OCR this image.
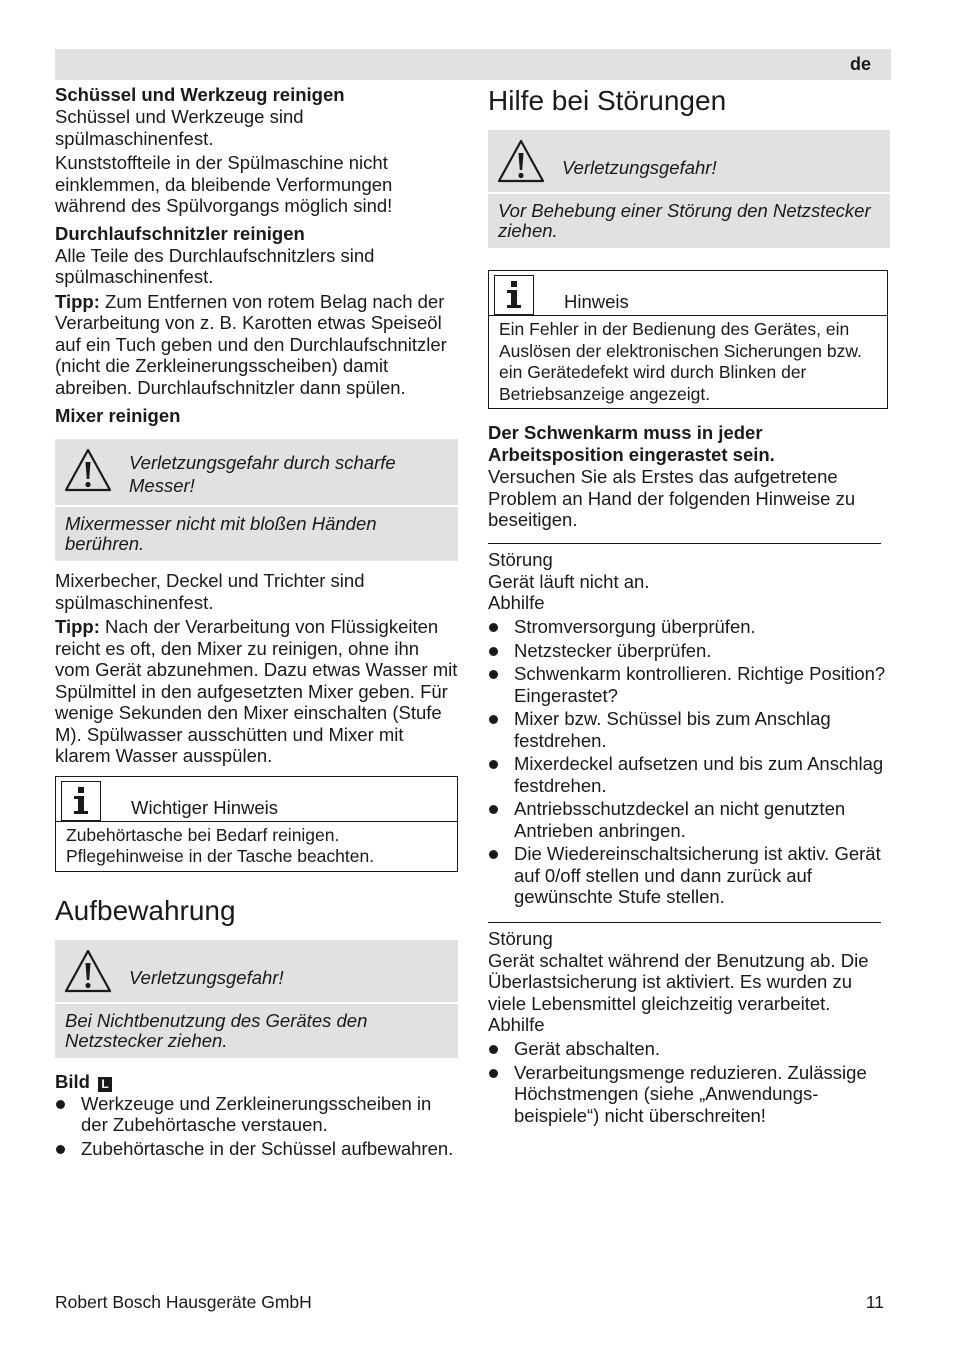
de

Schüssel und Werkzeug reinigen

Schüssel und Werkzeuge sind spülmaschinenfest.

Kunststoffteile in der Spülmaschine nicht einklemmen, da bleibende Verformungen während des Spülvorgangs möglich sind!

Durchlaufschnitzler reinigen

Alle Teile des Durchlaufschnitzlers sind spülmaschinenfest.

Tipp: Zum Entfernen von rotem Belag nach der Verarbeitung von z. B. Karotten etwas Speiseöl auf ein Tuch geben und den Durchlaufschnitzler (nicht die Zerkleinerungsscheiben) damit abreiben. Durchlaufschnitzler dann spülen.

Mixer reinigen

Verletzungsgefahr durch scharfe Messer!
Mixermesser nicht mit bloßen Händen berühren.

Mixerbecher, Deckel und Trichter sind spülmaschinenfest.

Tipp: Nach der Verarbeitung von Flüssigkeiten reicht es oft, den Mixer zu reinigen, ohne ihn vom Gerät abzunehmen. Dazu etwas Wasser mit Spülmittel in den aufgesetzten Mixer geben. Für wenige Sekunden den Mixer einschalten (Stufe M). Spülwasser ausschütten und Mixer mit klarem Wasser ausspülen.

Wichtiger Hinweis
Zubehörtasche bei Bedarf reinigen. Pflegehinweise in der Tasche beachten.
Aufbewahrung
Verletzungsgefahr!
Bei Nichtbenutzung des Gerätes den Netzstecker ziehen.

Bild L

Werkzeuge und Zerkleinerungsscheiben in der Zubehörtasche verstauen.
Zubehörtasche in der Schüssel aufbewahren.
Hilfe bei Störungen
Verletzungsgefahr!
Vor Behebung einer Störung den Netzstecker ziehen.
Hinweis
Ein Fehler in der Bedienung des Gerätes, ein Auslösen der elektronischen Sicherungen bzw. ein Gerätedefekt wird durch Blinken der Betriebsanzeige angezeigt.

Der Schwenkarm muss in jeder Arbeitsposition eingerastet sein.

Versuchen Sie als Erstes das aufgetretene Problem an Hand der folgenden Hinweise zu beseitigen.

Störung

Gerät läuft nicht an.

Abhilfe

Stromversorgung überprüfen.
Netzstecker überprüfen.
Schwenkarm kontrollieren. Richtige Position? Eingerastet?
Mixer bzw. Schüssel bis zum Anschlag festdrehen.
Mixerdeckel aufsetzen und bis zum Anschlag festdrehen.
Antriebsschutzdeckel an nicht genutzten Antrieben anbringen.
Die Wiedereinschaltsicherung ist aktiv. Gerät auf 0/off stellen und dann zurück auf gewünschte Stufe stellen.

Störung

Gerät schaltet während der Benutzung ab. Die Überlastsicherung ist aktiviert. Es wurden zu viele Lebensmittel gleichzeitig verarbeitet.

Abhilfe

Gerät abschalten.
Verarbeitungsmenge reduzieren. Zulässige Höchstmengen (siehe „Anwendungs-beispiele“) nicht überschreiten!
Robert Bosch Hausgeräte GmbH	11
